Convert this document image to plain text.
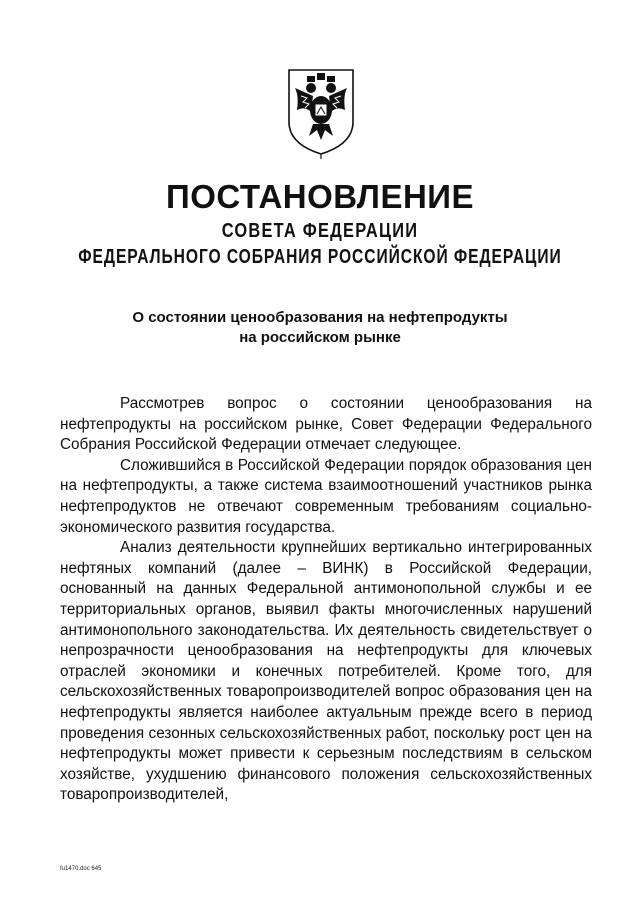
ПОСТАНОВЛЕНИЕ
СОВЕТА ФЕДЕРАЦИИ
ФЕДЕРАЛЬНОГО СОБРАНИЯ РОССИЙСКОЙ ФЕДЕРАЦИИ
О состоянии ценообразования на нефтепродукты
на российском рынке

Рассмотрев вопрос о состоянии ценообразования на нефтепродукты на российском рынке, Совет Федерации Федерального Собрания Российской Федерации отмечает следующее.

Сложившийся в Российской Федерации порядок образования цен на нефтепродукты, а также система взаимоотношений участников рынка нефтепродуктов не отвечают современным требованиям социально-экономического развития государства.

Анализ деятельности крупнейших вертикально интегрированных нефтяных компаний (далее – ВИНК) в Российской Федерации, основанный на данных Федеральной антимонопольной службы и ее территориальных органов, выявил факты многочисленных нарушений антимонопольного законодательства. Их деятельность свидетельствует о непрозрачности ценообразования на нефтепродукты для ключевых отраслей экономики и конечных потребителей. Кроме того, для сельскохозяйственных товаропроизводителей вопрос образования цен на нефтепродукты является наиболее актуальным прежде всего в период проведения сезонных сельскохозяйственных работ, поскольку рост цен на нефтепродукты может привести к серьезным последствиям в сельском хозяйстве, ухудшению финансового положения сельскохозяйственных товаропроизводителей,

fu1470.doc 645
